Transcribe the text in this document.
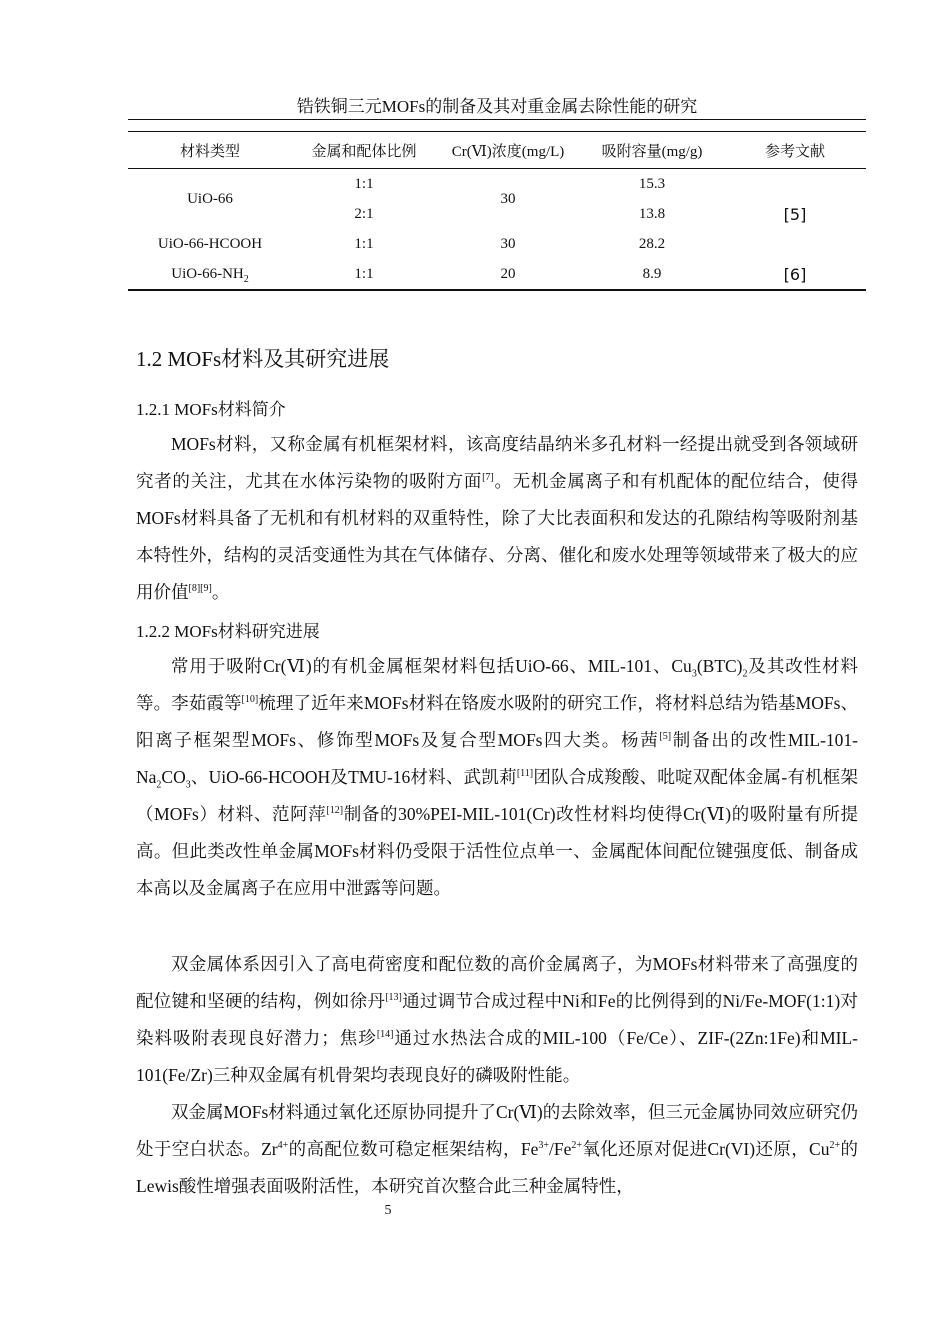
锆铁铜三元MOFs的制备及其对重金属去除性能的研究
材料类型	金属和配体比例	Cr(Ⅵ)浓度(mg/L)	吸附容量(mg/g)	参考文献
UiO-66	1:1	30	15.3	[5]
	2:1		13.8	
UiO-66-HCOOH	1:1	30	28.2	
UiO-$66-NH_2$	1:1	20	8.9	[6]
1.2 MOFs材料及其研究进展
1.2.1 MOFs材料简介

MOFs材料，又称金属有机框架材料，该高度结晶纳米多孔材料一经提出就受到各领域研究者的关注，尤其在水体污染物的吸附方面[7]。无机金属离子和有机配体的配位结合，使得MOFs材料具备了无机和有机材料的双重特性，除了大比表面积和发达的孔隙结构等吸附剂基本特性外，结构的灵活变通性为其在气体储存、分离、催化和废水处理等领域带来了极大的应用价值[8][9]。

1.2.2 MOFs材料研究进展

常用于吸附Cr(Ⅵ)的有机金属框架材料包括UiO-66、MIL-101、$Cu_3(BTC)_2$及其改性材料等。李茹霞等[10]梳理了近年来MOFs材料在铬废水吸附的研究工作，将材料总结为锆基MOFs、阳离子框架型MOFs、修饰型MOFs及复合型MOFs四大类。杨茜[5]制备出的改性MIL-$101-Na_2CO_3$、UiO-66-HCOOH及TMU-16材料、武凯莉[11]团队合成羧酸、吡啶双配体金属-有机框架（MOFs）材料、范阿萍[12]制备的30%PEI-MIL-101(Cr)改性材料均使得Cr(Ⅵ)的吸附量有所提高。但此类改性单金属MOFs材料仍受限于活性位点单一、金属配体间配位键强度低、制备成本高以及金属离子在应用中泄露等问题。

双金属体系因引入了高电荷密度和配位数的高价金属离子，为MOFs材料带来了高强度的配位键和坚硬的结构，例如徐丹[13]通过调节合成过程中Ni和Fe的比例得到的Ni/Fe-MOF(1:1)对染料吸附表现良好潜力；焦珍[14]通过水热法合成的MIL-100（Fe/Ce）、ZIF-(2Zn:1Fe)和MIL-101(Fe/Zr)三种双金属有机骨架均表现良好的磷吸附性能。

双金属MOFs材料通过氧化还原协同提升了Cr(Ⅵ)的去除效率，但三元金属协同效应研究仍处于空白状态。$Zr^{4+}$的高配位数可稳定框架结构，$Fe^{3+}/Fe^{2+}$氧化还原对促进Cr(VI)还原，$Cu^{2+}$的Lewis酸性增强表面吸附活性，本研究首次整合此三种金属特性，

5
